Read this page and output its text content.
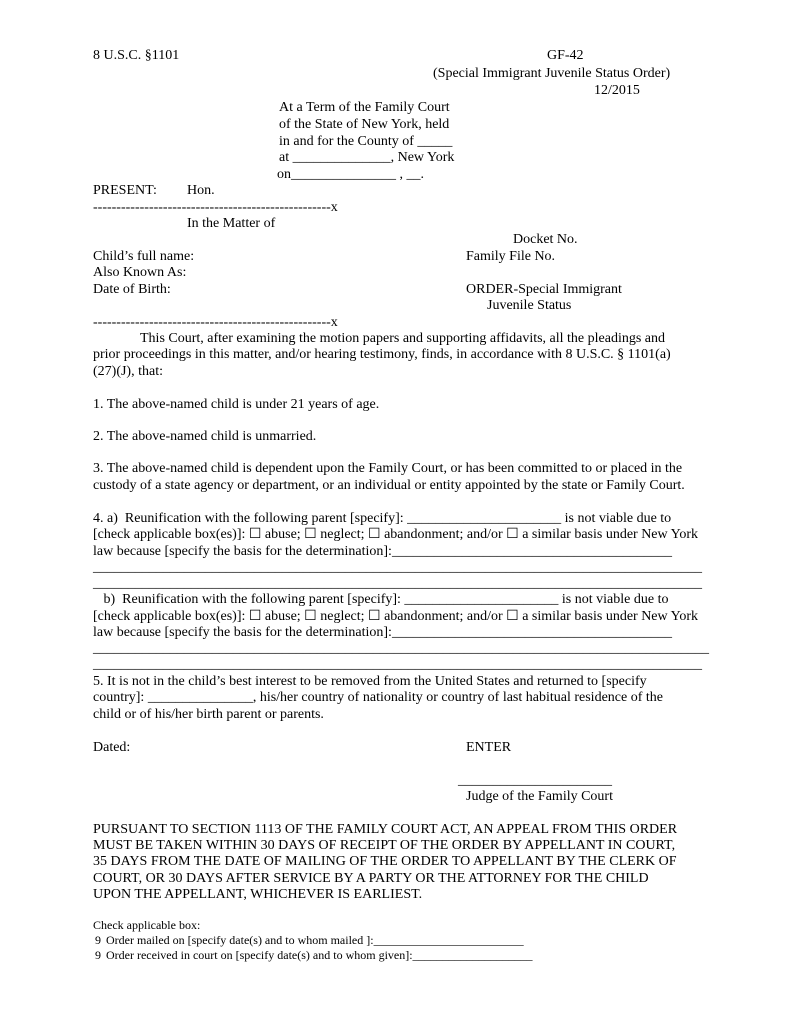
8 U.S.C. §1101	GF-42
(Special Immigrant Juvenile Status Order)
12/2015
At a Term of the Family Court
of the State of New York, held
in and for the County of _____
at ______________, New York
on_______________ , __.
PRESENT: Hon.
---------------------------------------------------x
In the Matter of
Docket No.
Child’s full name:	Family File No.
Also Known As:
Date of Birth:	ORDER-Special Immigrant
Juvenile Status
---------------------------------------------------x
This Court, after examining the motion papers and supporting affidavits, all the pleadings and
prior proceedings in this matter, and/or hearing testimony, finds, in accordance with 8 U.S.C. § 1101(a)
(27)(J), that:
1. The above-named child is under 21 years of age.
2. The above-named child is unmarried.
3. The above-named child is dependent upon the Family Court, or has been committed to or placed in the
custody of a state agency or department, or an individual or entity appointed by the state or Family Court.
4. a)  Reunification with the following parent [specify]: ______________________ is not viable due to
[check applicable box(es)]: ☐ abuse; ☐ neglect; ☐ abandonment; and/or ☐ a similar basis under New York
law because [specify the basis for the determination]:________________________________________
_______________________________________________________________________________________
_______________________________________________________________________________________
b)  Reunification with the following parent [specify]: ______________________ is not viable due to
[check applicable box(es)]: ☐ abuse; ☐ neglect; ☐ abandonment; and/or ☐ a similar basis under New York
law because [specify the basis for the determination]:________________________________________
________________________________________________________________________________________
_______________________________________________________________________________________
5. It is not in the child’s best interest to be removed from the United States and returned to [specify
country]: _______________, his/her country of nationality or country of last habitual residence of the
child or of his/her birth parent or parents.
Dated:	ENTER
______________________
Judge of the Family Court
PURSUANT TO SECTION 1113 OF THE FAMILY COURT ACT, AN APPEAL FROM THIS ORDER
MUST BE TAKEN WITHIN 30 DAYS OF RECEIPT OF THE ORDER BY APPELLANT IN COURT,
35 DAYS FROM THE DATE OF MAILING OF THE ORDER TO APPELLANT BY THE CLERK OF
COURT, OR 30 DAYS AFTER SERVICE BY A PARTY OR THE ATTORNEY FOR THE CHILD
UPON THE APPELLANT, WHICHEVER IS EARLIEST.
Check applicable box:
9 Order mailed on [specify date(s) and to whom mailed ]:_________________________
9 Order received in court on [specify date(s) and to whom given]:____________________
